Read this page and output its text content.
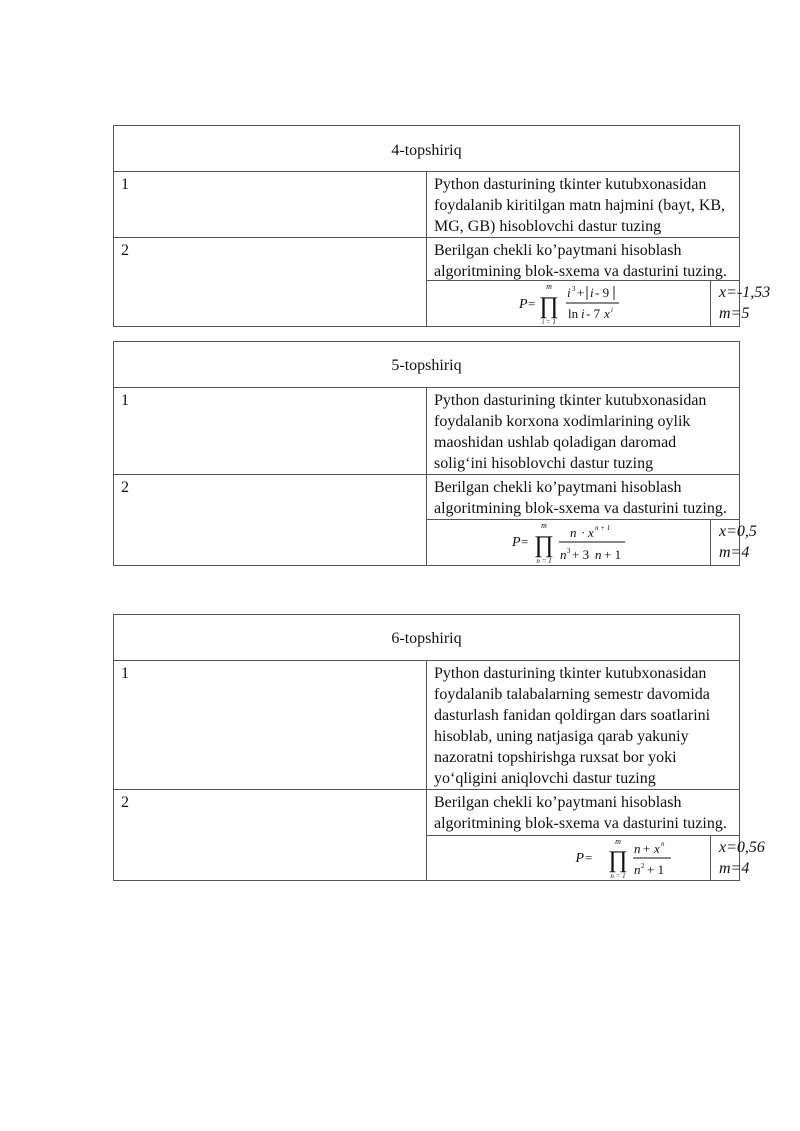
4-topshiriq

1	Python dasturining tkinter kutubxonasidan foydalanib kiritilgan matn hajmini (bayt, KB, MG, GB) hisoblovchi dastur tuzing
2	Berilgan chekli ko’paytmani hisoblash algoritmining blok-sxema va dasturini tuzing.
P =
m
∏
i = 1
i 3 + i - 9
ln i - 7 x i

x=-1,53
m=5
5-topshiriq

1	Python dasturining tkinter kutubxonasidan foydalanib korxona xodimlarining oylik maoshidan ushlab qoladigan daromad solig‘ini hisoblovchi dastur tuzing
2	Berilgan chekli ko’paytmani hisoblash algoritmining blok-sxema va dasturini tuzing.
P =
m
∏
n = 1
n · x n + 1
n 3 + 3 n + 1

x=0,5
m=4
6-topshiriq

1	Python dasturining tkinter kutubxonasidan foydalanib talabalarning semestr davomida dasturlash fanidan qoldirgan dars soatlarini hisoblab, uning natjasiga qarab yakuniy nazoratni topshirishga ruxsat bor yoki yo‘qligini aniqlovchi dastur tuzing
2	Berilgan chekli ko’paytmani hisoblash algoritmining blok-sxema va dasturini tuzing.
P =
m
∏
n = 1
n + x n
n 2 + 1

x=0,56
m=4
